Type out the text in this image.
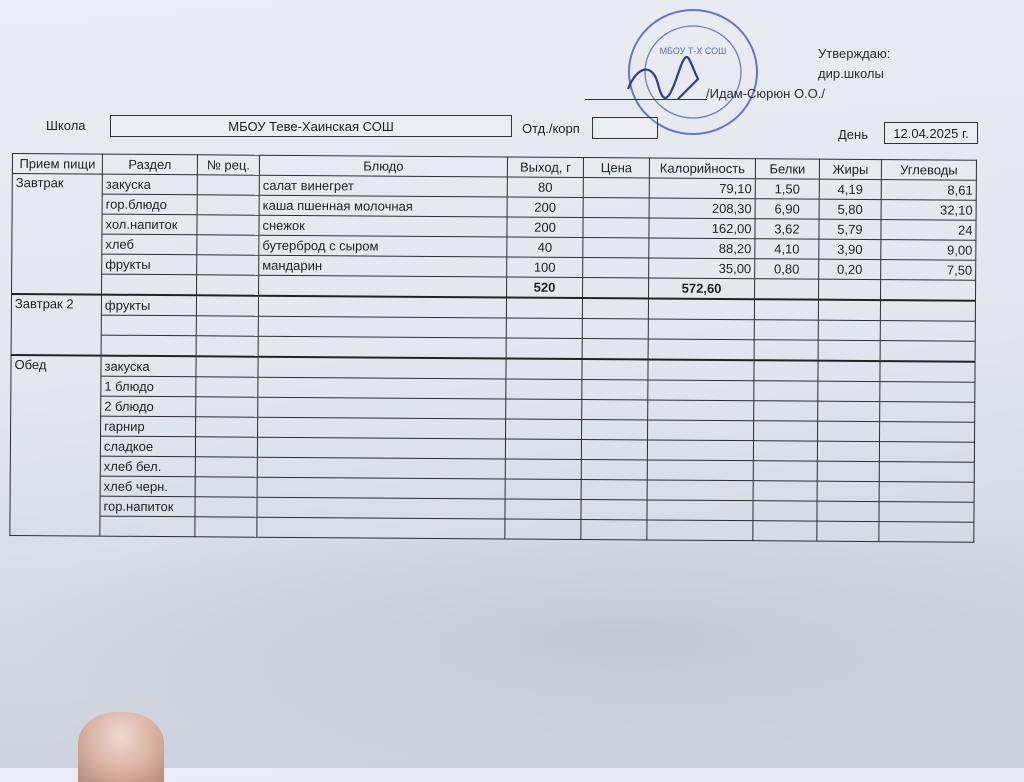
МБОУ Т-Х СОШ	Утверждаю:
дир.школы
/Идам-Сюрюн О.О./
Школа	МБОУ Теве-Хаинская СОШ	Отд./корп	День	12.04.2025 г.
Прием пищи	Раздел	№ рец.	Блюдо	Выход, г	Цена	Калорийность	Белки	Жиры	Углеводы
Завтрак	закуска		салат винегрет	80		79,10	1,50	4,19	8,61
	гор.блюдо		каша пшенная молочная	200		208,30	6,90	5,80	32,10
	хол.напиток		снежок	200		162,00	3,62	5,79	24
	хлеб		бутерброд с сыром	40		88,20	4,10	3,90	9,00
	фрукты		мандарин	100		35,00	0,80	0,20	7,50
				520		572,60			
Завтрак 2	фрукты								

Обед	закуска								
	1 блюдо								
	2 блюдо								
	гарнир								
	сладкое								
	хлеб бел.								
	хлеб черн.								
	гор.напиток								
